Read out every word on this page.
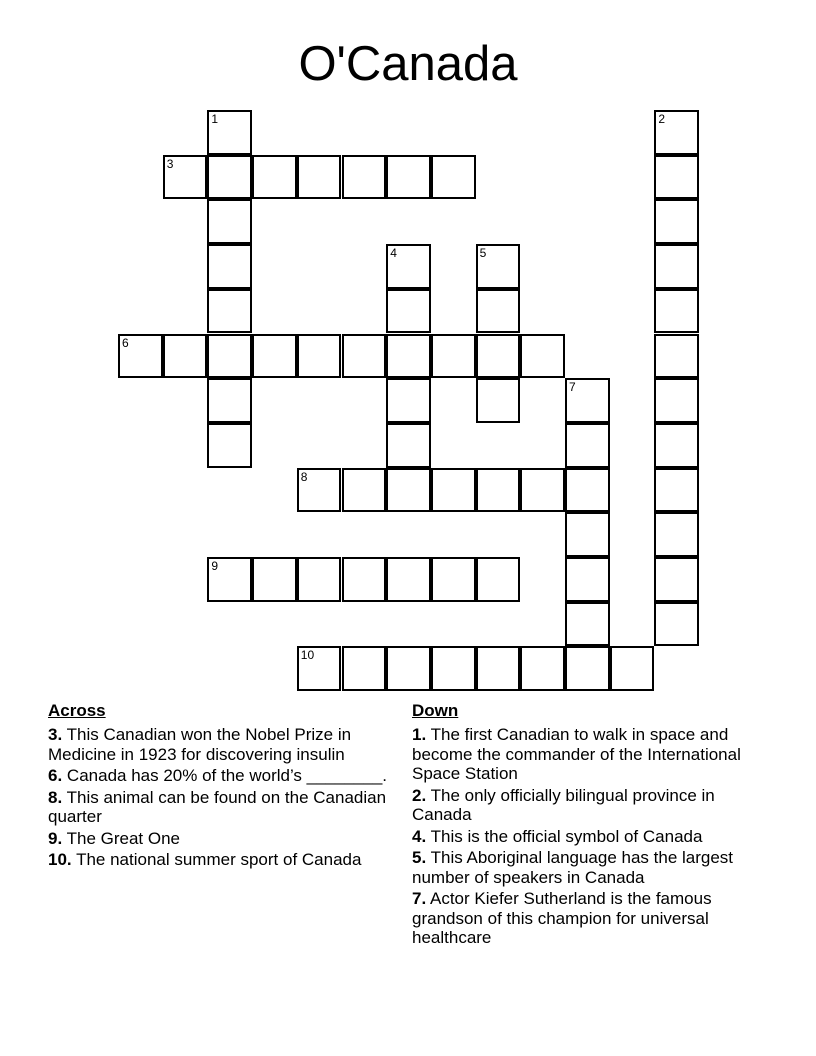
O'Canada
1	2
3
4	5
6
7
8
9
10
Across
3. This Canadian won the Nobel Prize in Medicine in 1923 for discovering insulin
6. Canada has 20% of the world’s ________.
8. This animal can be found on the Canadian quarter
9. The Great One
10. The national summer sport of Canada
Down
1. The first Canadian to walk in space and become the commander of the International Space Station
2. The only officially bilingual province in Canada
4. This is the official symbol of Canada
5. This Aboriginal language has the largest number of speakers in Canada
7. Actor Kiefer Sutherland is the famous grandson of this champion for universal healthcare
